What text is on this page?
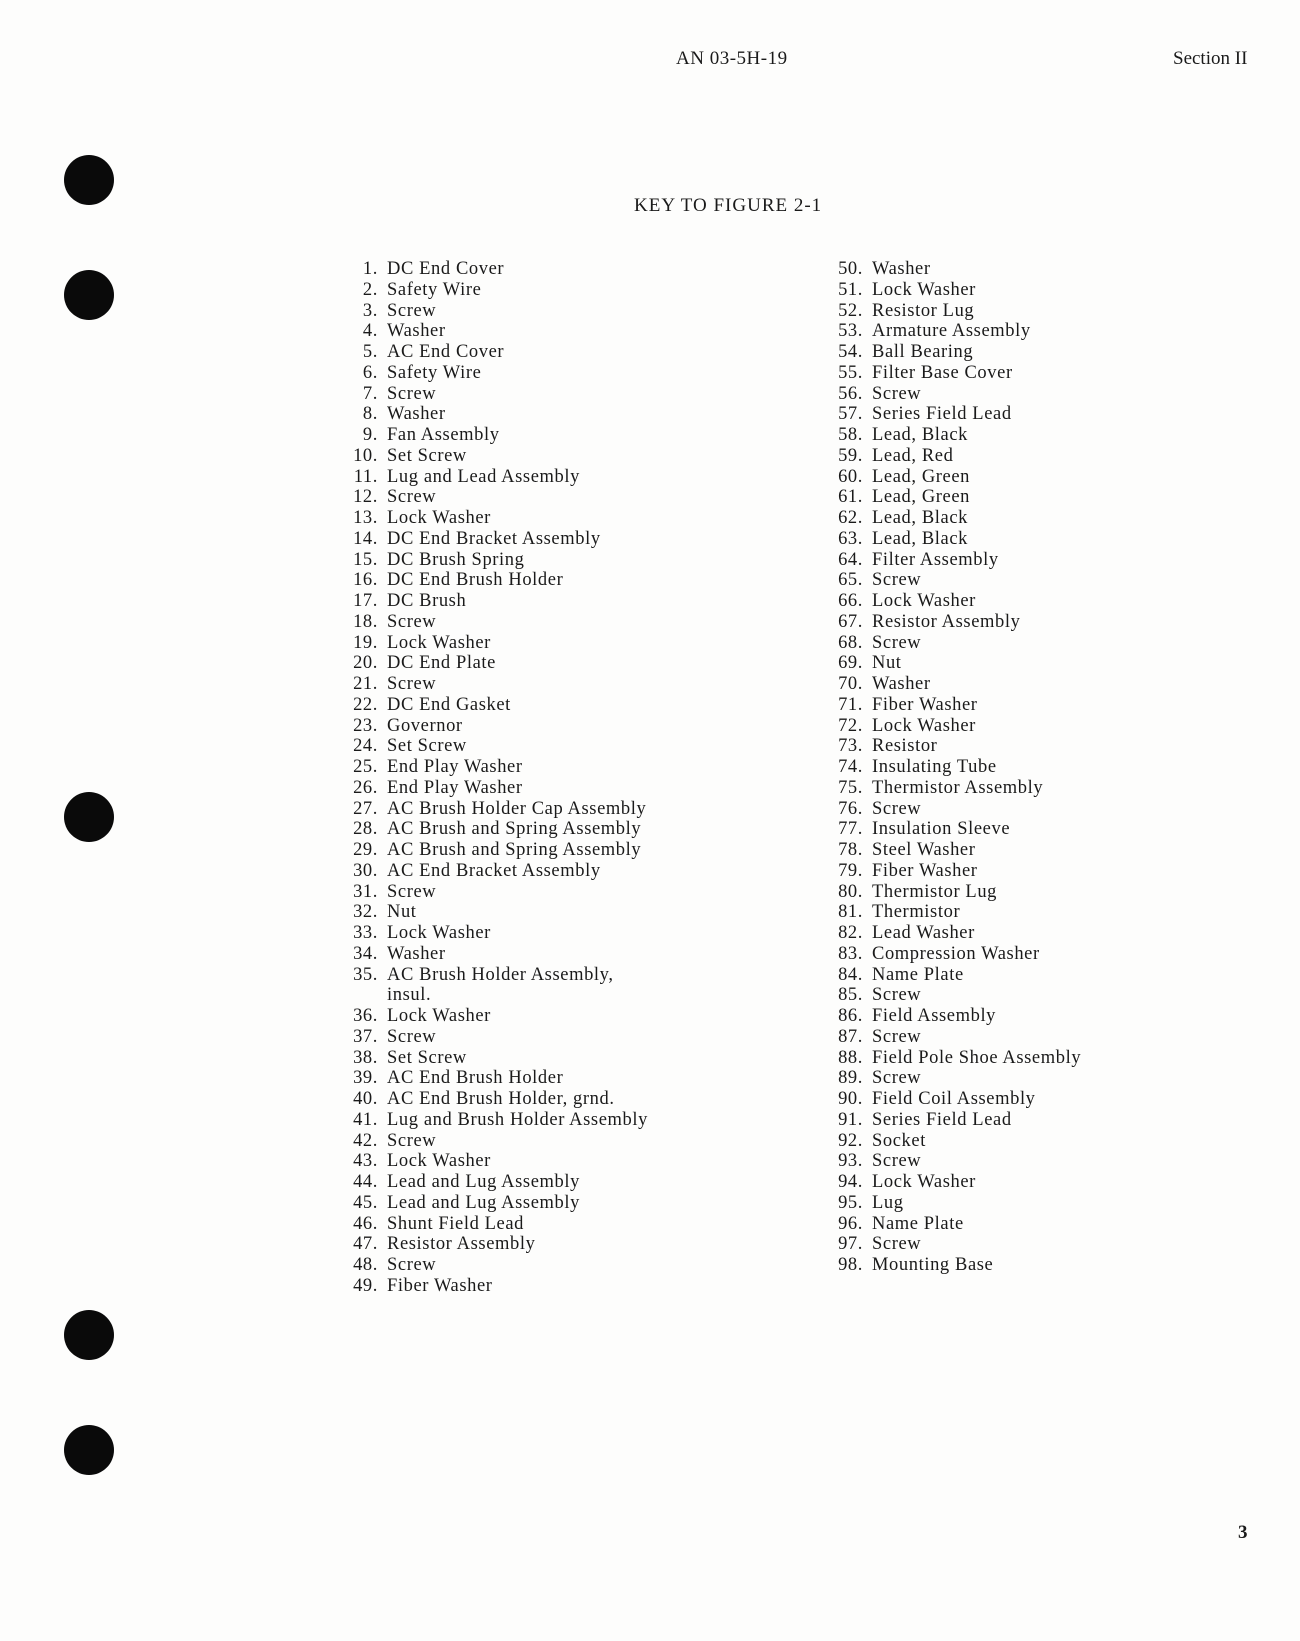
AN 03-5H-19	Section II
KEY TO FIGURE 2-1
1. DC End Cover
2. Safety Wire
3. Screw
4. Washer
5. AC End Cover
6. Safety Wire
7. Screw
8. Washer
9. Fan Assembly
10. Set Screw
11. Lug and Lead Assembly
12. Screw
13. Lock Washer
14. DC End Bracket Assembly
15. DC Brush Spring
16. DC End Brush Holder
17. DC Brush
18. Screw
19. Lock Washer
20. DC End Plate
21. Screw
22. DC End Gasket
23. Governor
24. Set Screw
25. End Play Washer
26. End Play Washer
27. AC Brush Holder Cap Assembly
28. AC Brush and Spring Assembly
29. AC Brush and Spring Assembly
30. AC End Bracket Assembly
31. Screw
32. Nut
33. Lock Washer
34. Washer
35. AC Brush Holder Assembly,
insul.
36. Lock Washer
37. Screw
38. Set Screw
39. AC End Brush Holder
40. AC End Brush Holder, grnd.
41. Lug and Brush Holder Assembly
42. Screw
43. Lock Washer
44. Lead and Lug Assembly
45. Lead and Lug Assembly
46. Shunt Field Lead
47. Resistor Assembly
48. Screw
49. Fiber Washer
50. Washer
51. Lock Washer
52. Resistor Lug
53. Armature Assembly
54. Ball Bearing
55. Filter Base Cover
56. Screw
57. Series Field Lead
58. Lead, Black
59. Lead, Red
60. Lead, Green
61. Lead, Green
62. Lead, Black
63. Lead, Black
64. Filter Assembly
65. Screw
66. Lock Washer
67. Resistor Assembly
68. Screw
69. Nut
70. Washer
71. Fiber Washer
72. Lock Washer
73. Resistor
74. Insulating Tube
75. Thermistor Assembly
76. Screw
77. Insulation Sleeve
78. Steel Washer
79. Fiber Washer
80. Thermistor Lug
81. Thermistor
82. Lead Washer
83. Compression Washer
84. Name Plate
85. Screw
86. Field Assembly
87. Screw
88. Field Pole Shoe Assembly
89. Screw
90. Field Coil Assembly
91. Series Field Lead
92. Socket
93. Screw
94. Lock Washer
95. Lug
96. Name Plate
97. Screw
98. Mounting Base
3
